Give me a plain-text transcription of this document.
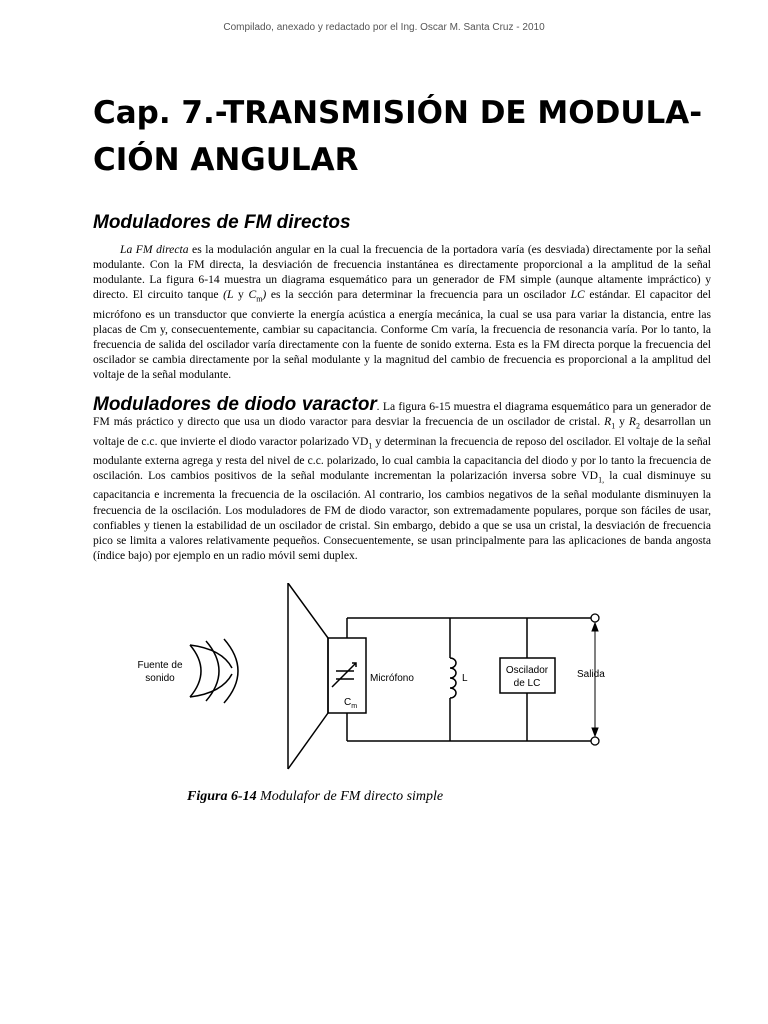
Compilado, anexado y redactado por el Ing. Oscar M. Santa Cruz - 2010
Cap. 7.-TRANSMISIÓN DE MODULA-
CIÓN ANGULAR
Moduladores de FM directos

La FM directa es la modulación angular en la cual la frecuencia de la portadora varía (es desviada) directamente por la señal modulante. Con la FM directa, la desviación de frecuencia instantánea es directamente proporcional a la amplitud de la señal modulante. La figura 6-14 muestra un diagrama esquemático para un generador de FM simple (aunque altamente impráctico) y directo. El circuito tanque (L y $C_m$) es la sección para determinar la frecuencia para un oscilador LC estándar. El capacitor del micrófono es un transductor que convierte la energía acústica a energía mecánica, la cual se usa para variar la distancia, entre las placas de Cm y, consecuentemente, cambiar su capacitancia. Conforme Cm varía, la frecuencia de resonancia varía. Por lo tanto, la frecuencia de salida del oscilador varía directamente con la fuente de sonido externa. Esta es la FM directa porque la frecuencia del oscilador se cambia directamente por la señal modulante y la magnitud del cambio de frecuencia es proporcional a la amplitud del voltaje de la señal modulante.

Moduladores de diodo varactor. La figura 6-15 muestra el diagrama esquemático para un generador de FM más práctico y directo que usa un diodo varactor para desviar la frecuencia de un oscilador de cristal. $R_1$ y $R_2$ desarrollan un voltaje de c.c. que invierte el diodo varactor polarizado $VD_1$ y determinan la frecuencia de reposo del oscilador. El voltaje de la señal modulante externa agrega y resta del nivel de c.c. polarizado, lo cual cambia la capacitancia del diodo y por lo tanto la frecuencia de oscilación. Los cambios positivos de la señal modulante incrementan la polarización inversa sobre $VD_{1,}$ la cual disminuye su capacitancia e incrementa la frecuencia de la oscilación. Al contrario, los cambios negativos de la señal modulante disminuyen la frecuencia de la oscilación. Los moduladores de FM de diodo varactor, son extremadamente populares, porque son fáciles de usar, confiables y tienen la estabilidad de un oscilador de cristal. Sin embargo, debido a que se usa un cristal, la desviación de frecuencia pico se limita a valores relativamente pequeños. Consecuentemente, se usan principalmente para las aplicaciones de banda angosta (índice bajo) por ejemplo en un radio móvil semi duplex.

Fuente de
sonido
$C_m$
Micrófono	L
Oscilador
de LC
Salida
Figura 6-14 Modulafor de FM directo simple
